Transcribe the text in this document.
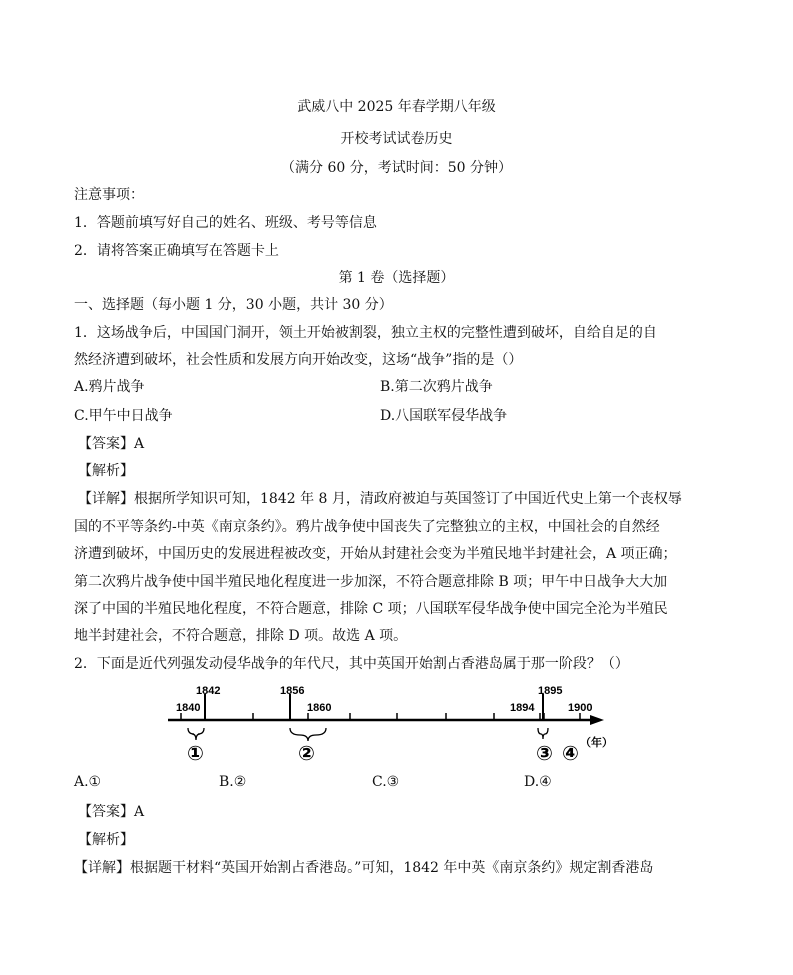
武威八中 2025 年春学期八年级
开校考试试卷历史
（满分 60 分，考试时间：50 分钟）
注意事项：
1．答题前填写好自己的姓名、班级、考号等信息
2．请将答案正确填写在答题卡上
第 1 卷（选择题）
一、选择题（每小题 1 分，30 小题，共计 30 分）
1．这场战争后，中国国门洞开，领土开始被割裂，独立主权的完整性遭到破坏，自给自足的自
然经济遭到破坏，社会性质和发展方向开始改变，这场“战争”指的是（）
A.鸦片战争	B.第二次鸦片战争
C.甲午中日战争	D.八国联军侵华战争
【答案】A
【解析】
【详解】根据所学知识可知，1842 年 8 月，清政府被迫与英国签订了中国近代史上第一个丧权辱
国的不平等条约-中英《南京条约》。鸦片战争使中国丧失了完整独立的主权，中国社会的自然经
济遭到破坏，中国历史的发展进程被改变，开始从封建社会变为半殖民地半封建社会，A 项正确；
第二次鸦片战争使中国半殖民地化程度进一步加深，不符合题意排除 B 项；甲午中日战争大大加
深了中国的半殖民地化程度，不符合题意，排除 C 项；八国联军侵华战争使中国完全沦为半殖民
地半封建社会，不符合题意，排除 D 项。故选 A 项。
2．下面是近代列强发动侵华战争的年代尺，其中英国开始割占香港岛属于那一阶段？（）
1842	1856	1895
1840	1860	1894	1900
①	②	③ ④ （年）
A.①	B.②	C.③	D.④
【答案】A
【解析】
【详解】根据题干材料“英国开始割占香港岛。”可知，1842 年中英《南京条约》规定割香港岛
